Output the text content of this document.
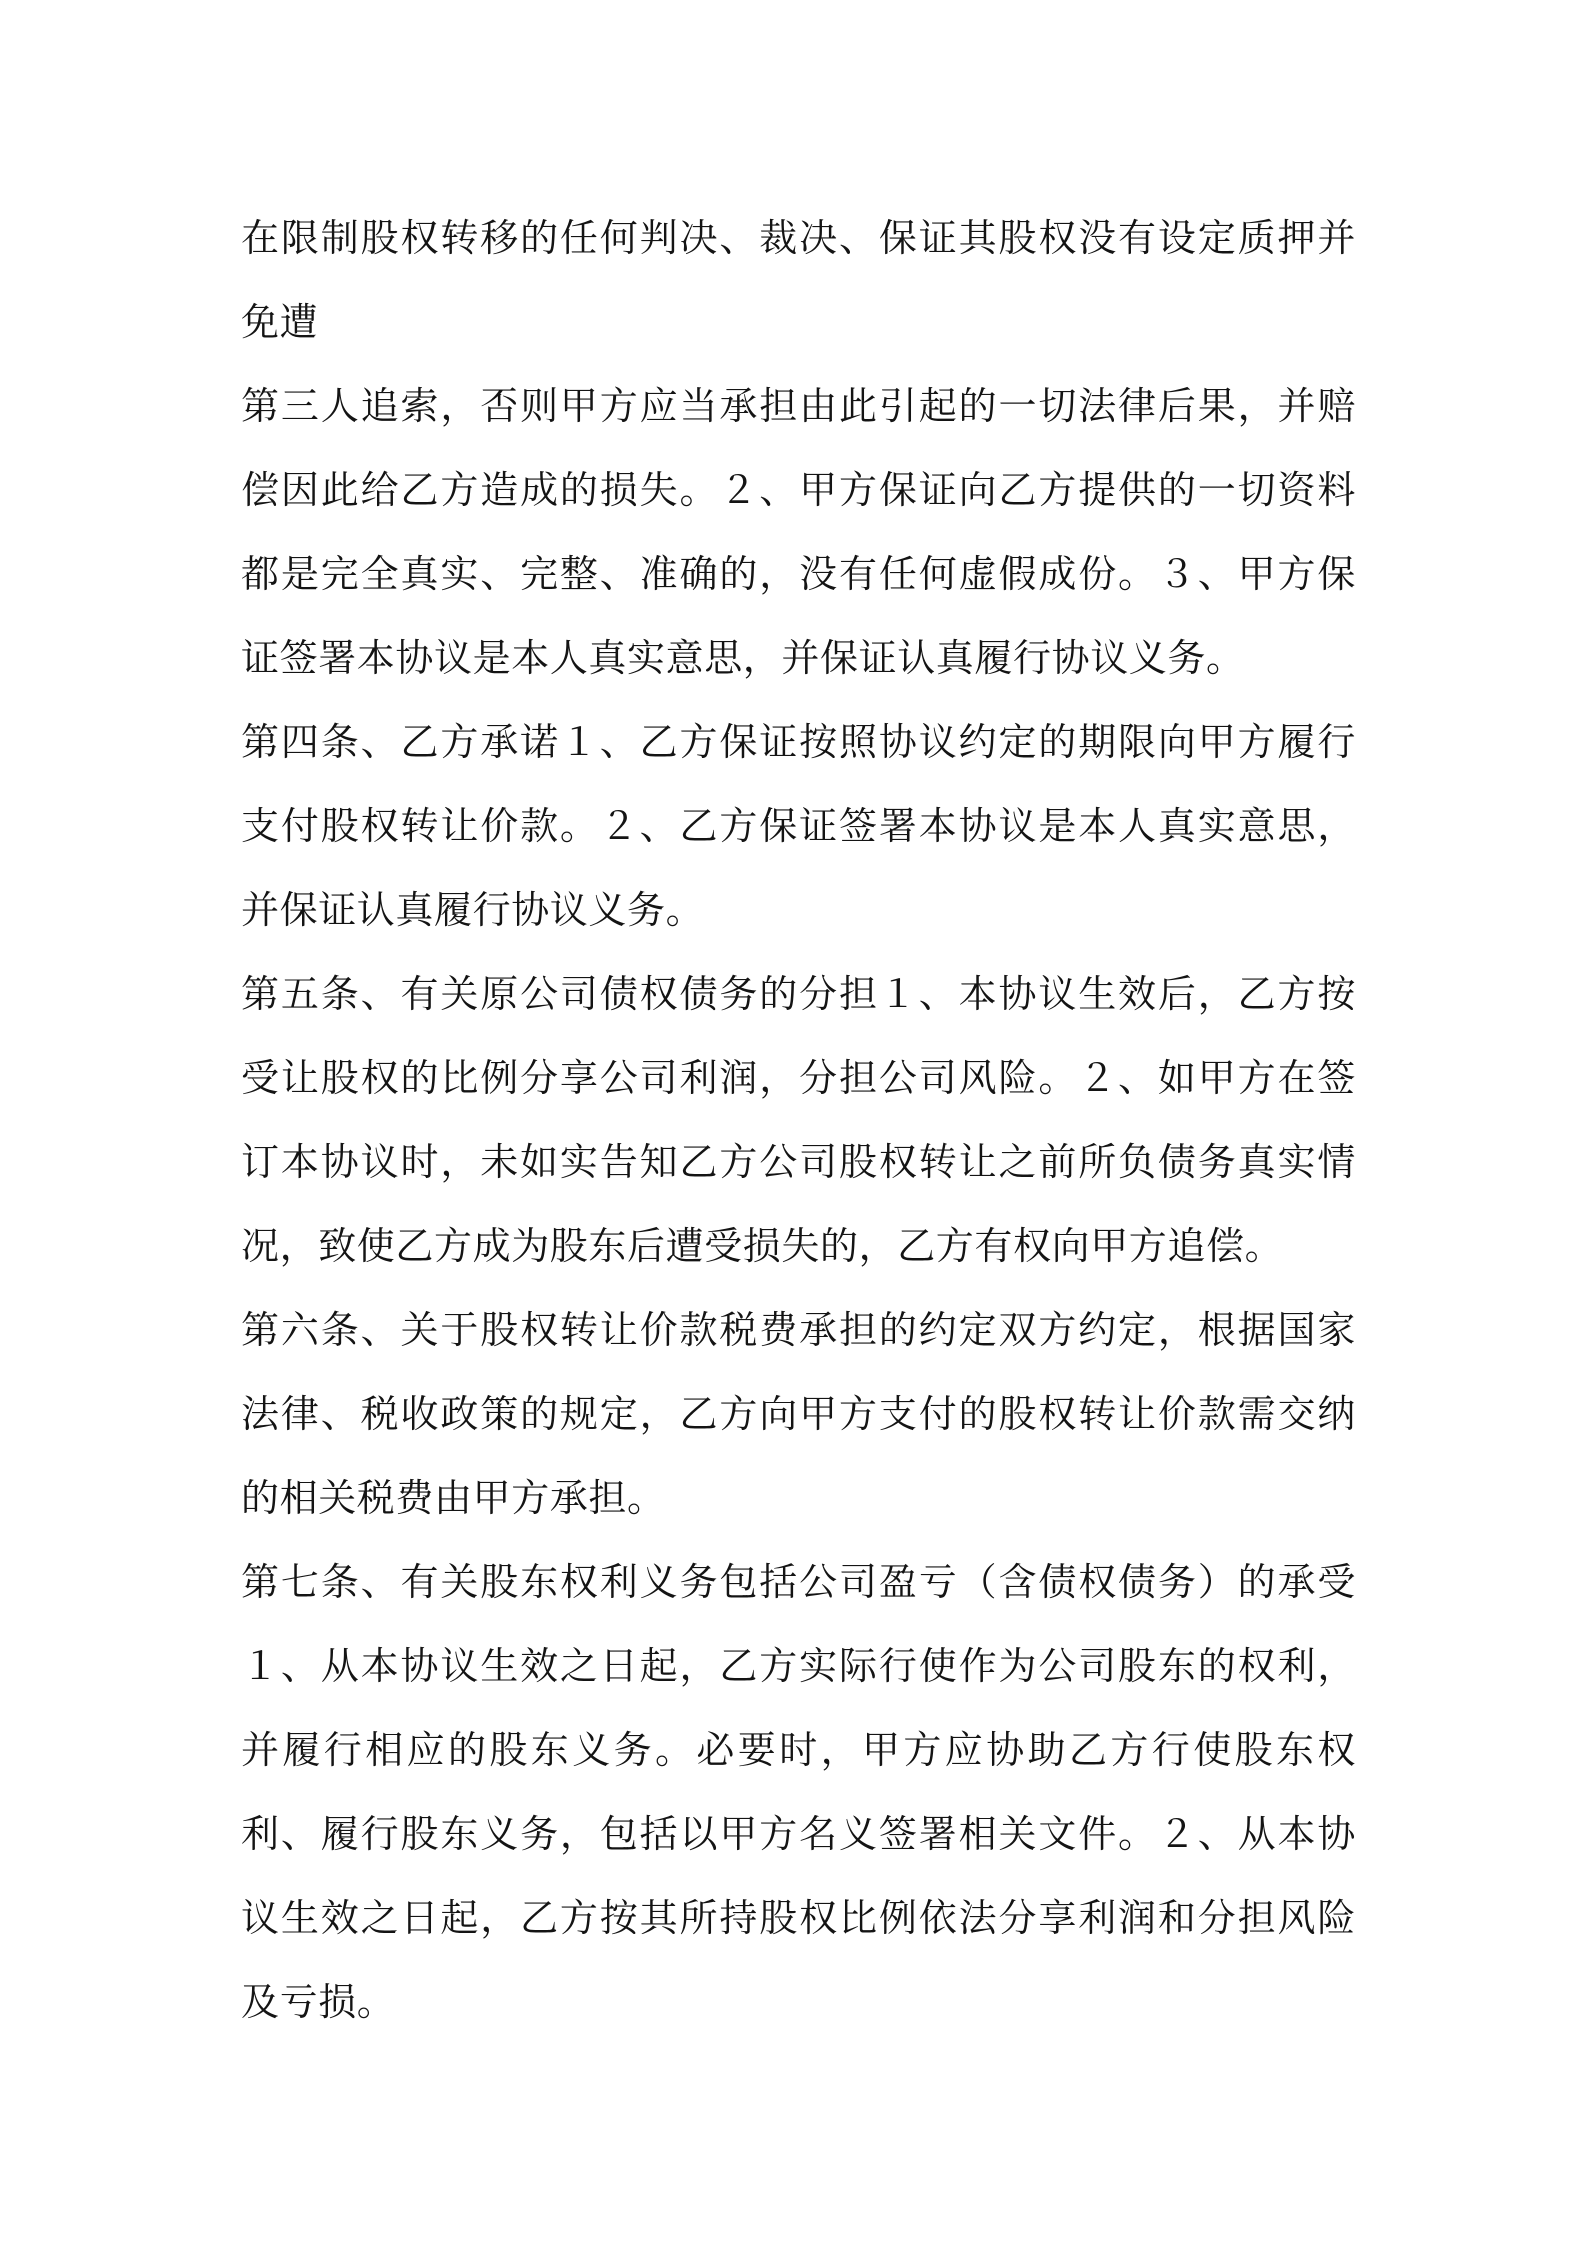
在限制股权转移的任何判决、裁决、保证其股权没有设定质押并免遭

第三人追索，否则甲方应当承担由此引起的一切法律后果，并赔偿因此给乙方造成的损失。２、甲方保证向乙方提供的一切资料都是完全真实、完整、准确的，没有任何虚假成份。３、甲方保证签署本协议是本人真实意思，并保证认真履行协议义务。

第四条、乙方承诺１、乙方保证按照协议约定的期限向甲方履行支付股权转让价款。２、乙方保证签署本协议是本人真实意思，并保证认真履行协议义务。

第五条、有关原公司债权债务的分担１、本协议生效后，乙方按受让股权的比例分享公司利润，分担公司风险。２、如甲方在签订本协议时，未如实告知乙方公司股权转让之前所负债务真实情况，致使乙方成为股东后遭受损失的，乙方有权向甲方追偿。

第六条、关于股权转让价款税费承担的约定双方约定，根据国家法律、税收政策的规定，乙方向甲方支付的股权转让价款需交纳的相关税费由甲方承担。

第七条、有关股东权利义务包括公司盈亏（含债权债务）的承受１、从本协议生效之日起，乙方实际行使作为公司股东的权利，并履行相应的股东义务。必要时，甲方应协助乙方行使股东权利、履行股东义务，包括以甲方名义签署相关文件。２、从本协议生效之日起，乙方按其所持股权比例依法分享利润和分担风险及亏损。
